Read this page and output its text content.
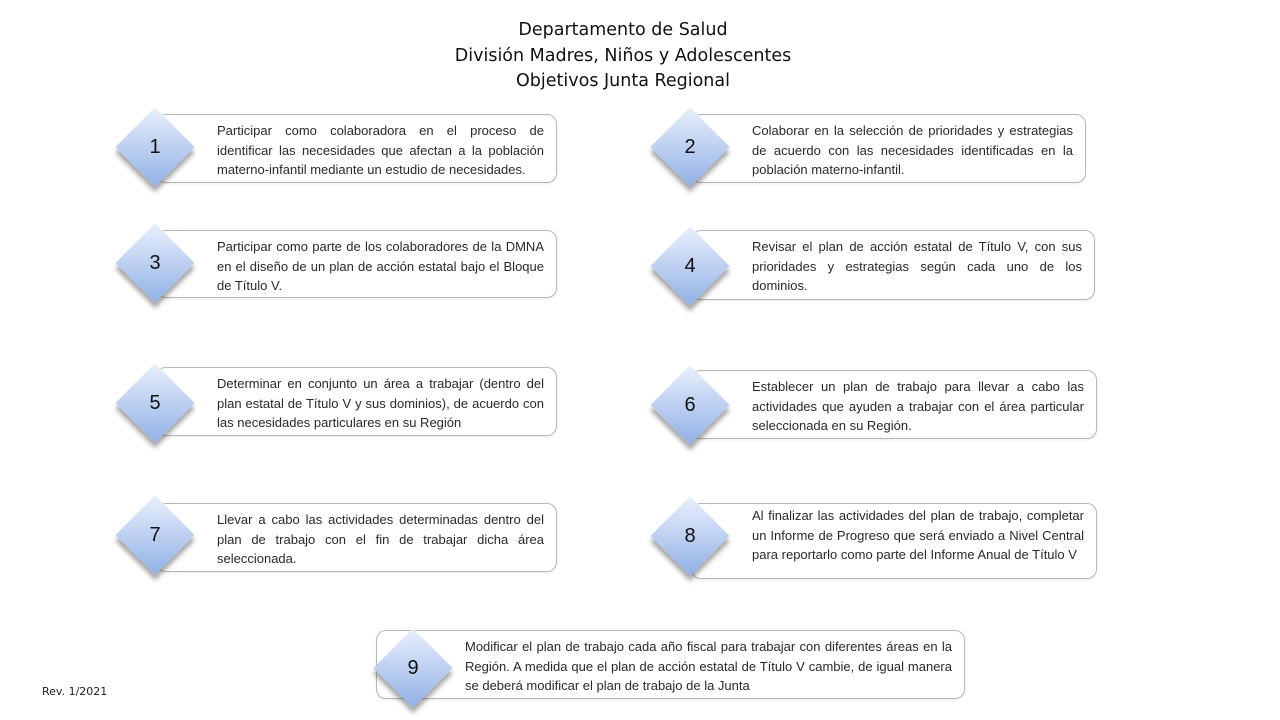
Departamento de Salud
División Madres, Niños y Adolescentes
Objetivos Junta Regional
Participar como colaboradora en el proceso de identificar las necesidades que afectan a la población materno-infantil mediante un estudio de necesidades.
1
Colaborar en la selección de prioridades y estrategias de acuerdo con las necesidades identificadas en la población materno-infantil.
2
Participar como parte de los colaboradores de la DMNA en el diseño de un plan de acción estatal bajo el Bloque de Título V.
3
Revisar el plan de acción estatal de Título V, con sus prioridades y estrategias según cada uno de los dominios.
4
Determinar en conjunto un área a trabajar (dentro del plan estatal de Título V y sus dominios), de acuerdo con las necesidades particulares en su Región
5
Establecer un plan de trabajo para llevar a cabo las actividades que ayuden a trabajar con el área particular seleccionada en su Región.
6
Llevar a cabo las actividades determinadas dentro del plan de trabajo con el fin de trabajar dicha área seleccionada.
7
Al finalizar las actividades del plan de trabajo, completar un Informe de Progreso que será enviado a Nivel Central para reportarlo como parte del Informe Anual de Título V
8
Modificar el plan de trabajo cada año fiscal para trabajar con diferentes áreas en la Región. A medida que el plan de acción estatal de Título V cambie, de igual manera se deberá modificar el plan de trabajo de la Junta
9
Rev. 1/2021
